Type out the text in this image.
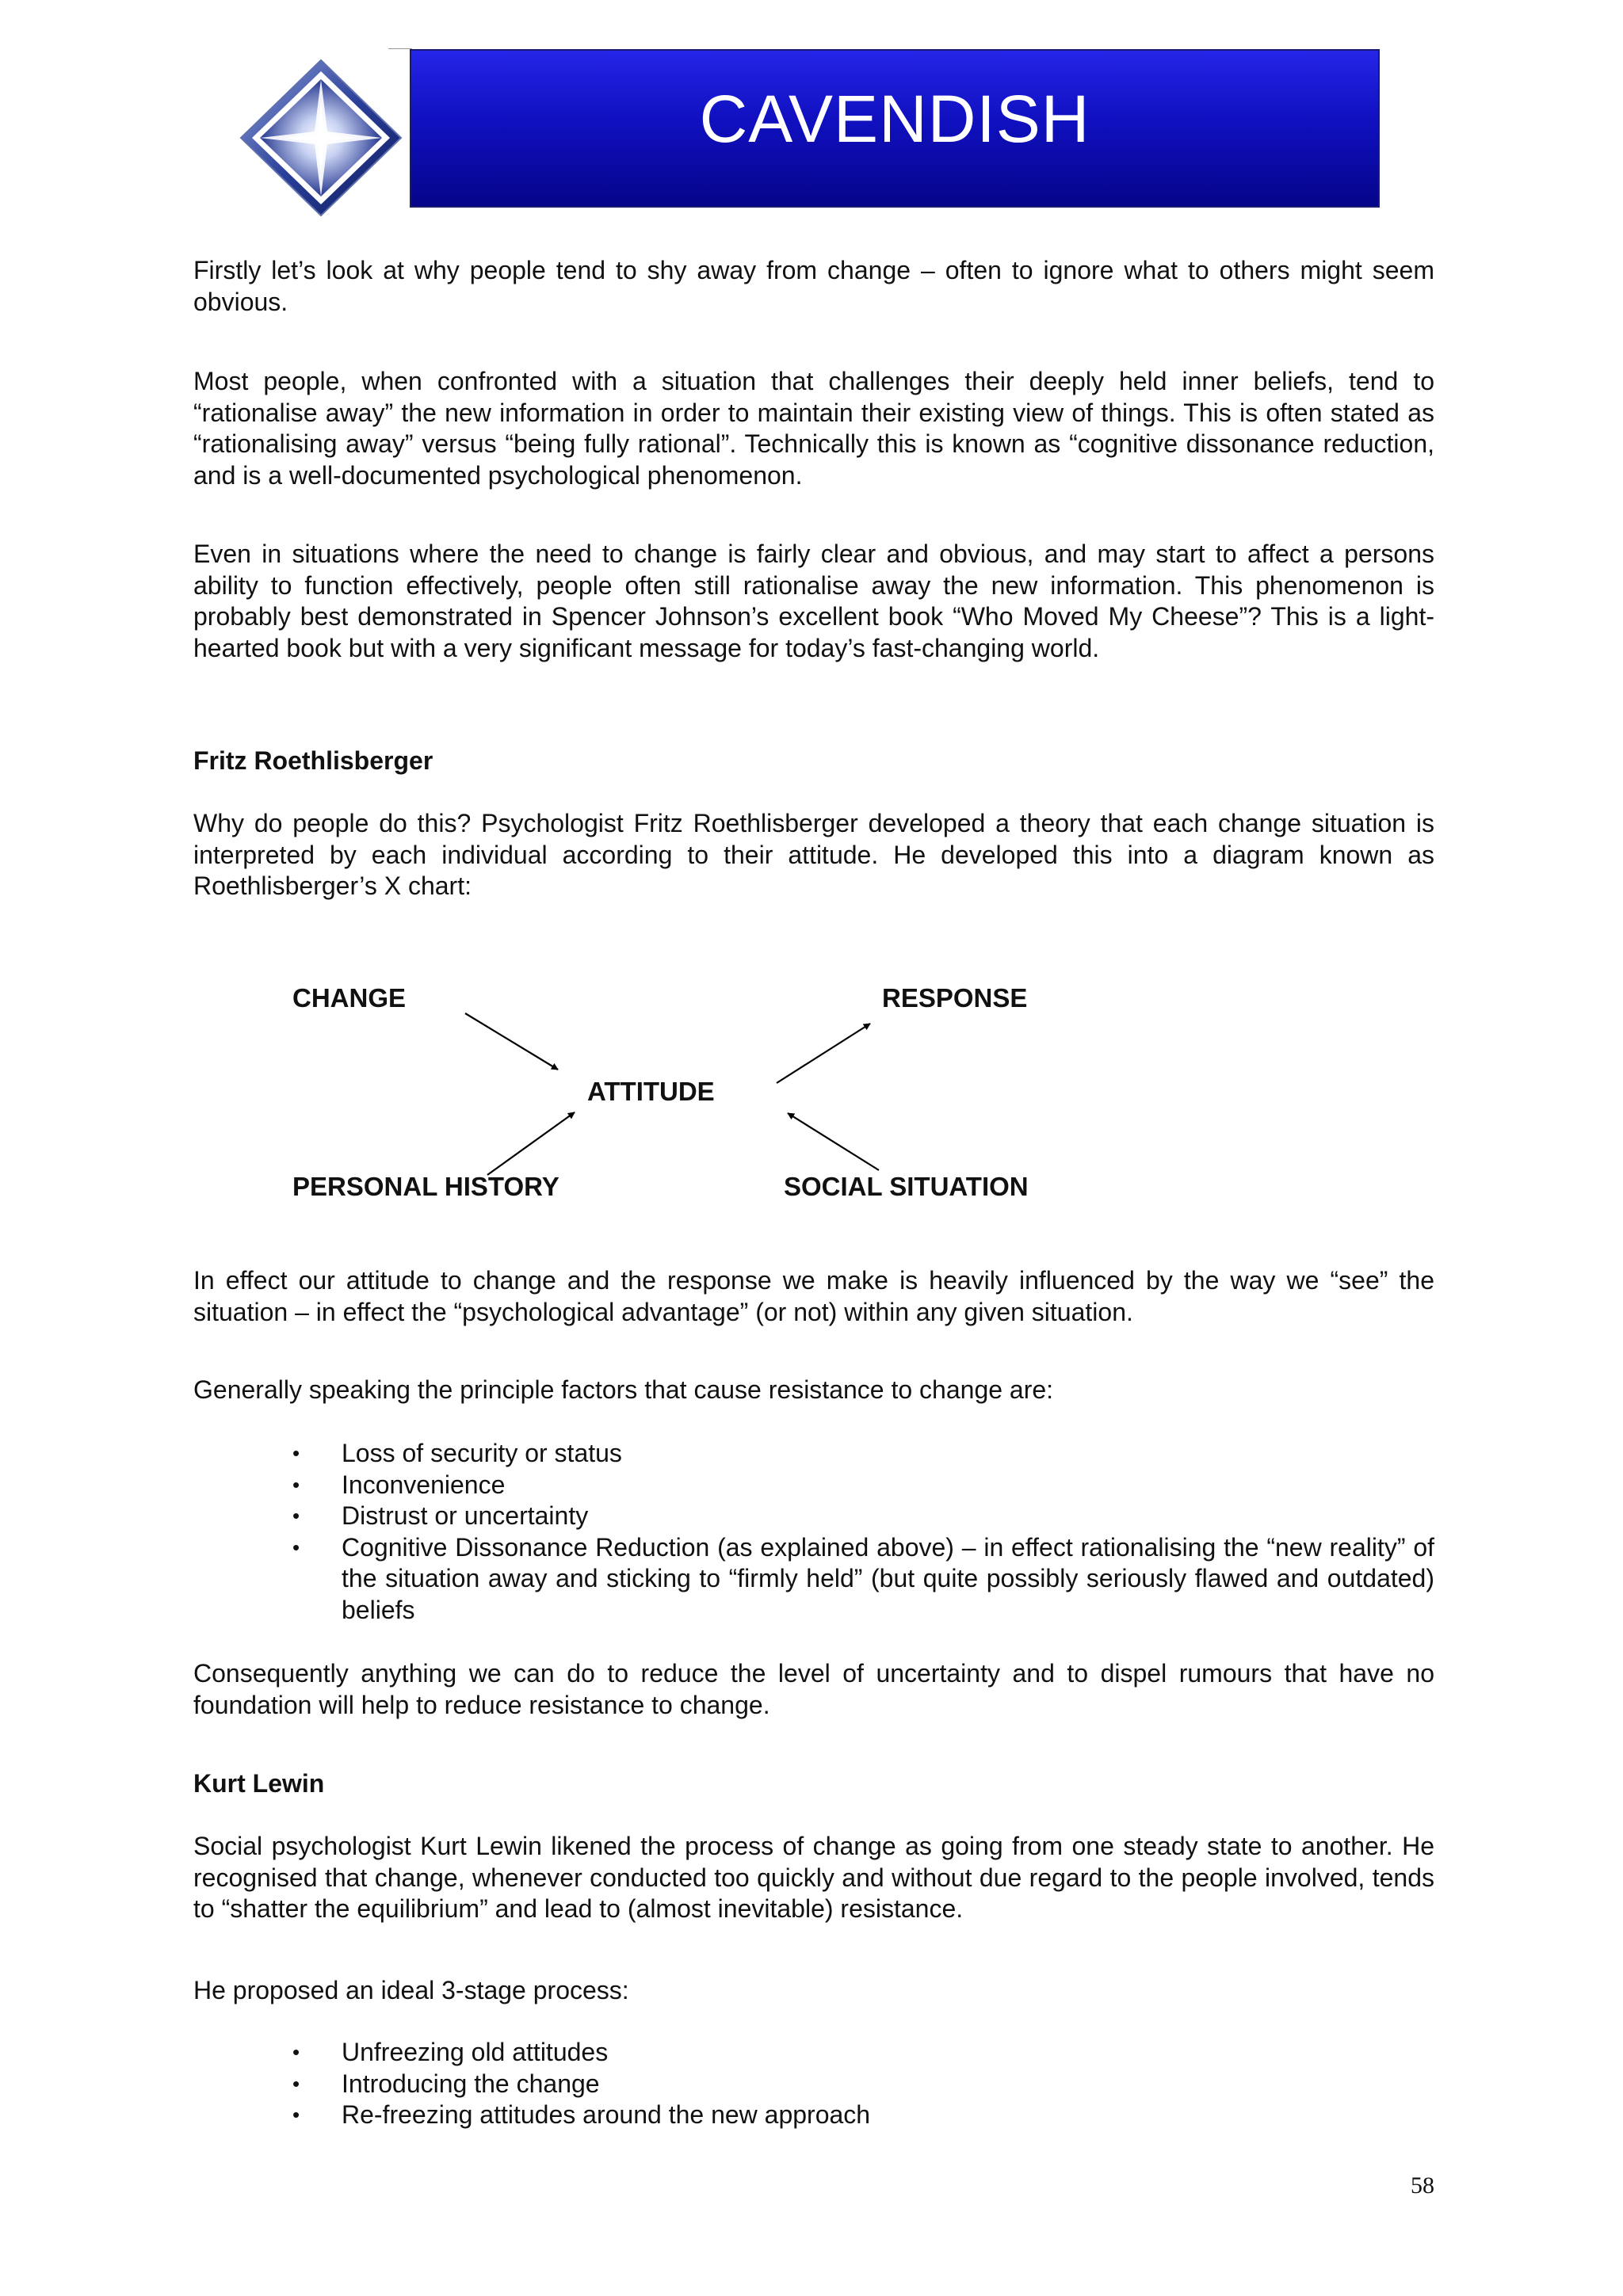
CAVENDISH

Firstly let’s look at why people tend to shy away from change – often to ignore what to others might seem obvious.

Most people, when confronted with a situation that challenges their deeply held inner beliefs, tend to “rationalise away” the new information in order to maintain their existing view of things. This is often stated as “rationalising away” versus “being fully rational”. Technically this is known as “cognitive dissonance reduction, and is a well-documented psychological phenomenon.

Even in situations where the need to change is fairly clear and obvious, and may start to affect a persons ability to function effectively, people often still rationalise away the new information. This phenomenon is probably best demonstrated in Spencer Johnson’s excellent book “Who Moved My Cheese”? This is a light-hearted book but with a very significant message for today’s fast-changing world.

Fritz Roethlisberger

Why do people do this? Psychologist Fritz Roethlisberger developed a theory that each change situation is interpreted by each individual according to their attitude. He developed this into a diagram known as Roethlisberger’s X chart:

CHANGE	RESPONSE
ATTITUDE
PERSONAL HISTORY	SOCIAL SITUATION

In effect our attitude to change and the response we make is heavily influenced by the way we “see” the situation – in effect the “psychological advantage” (or not) within any given situation.

Generally speaking the principle factors that cause resistance to change are:

• Loss of security or status
• Inconvenience
• Distrust or uncertainty
• Cognitive Dissonance Reduction (as explained above) – in effect rationalising the “new reality” of the situation away and sticking to “firmly held” (but quite possibly seriously flawed and outdated) beliefs

Consequently anything we can do to reduce the level of uncertainty and to dispel rumours that have no foundation will help to reduce resistance to change.

Kurt Lewin

Social psychologist Kurt Lewin likened the process of change as going from one steady state to another. He recognised that change, whenever conducted too quickly and without due regard to the people involved, tends to “shatter the equilibrium” and lead to (almost inevitable) resistance.

He proposed an ideal 3-stage process:

• Unfreezing old attitudes
• Introducing the change
• Re-freezing attitudes around the new approach
58
